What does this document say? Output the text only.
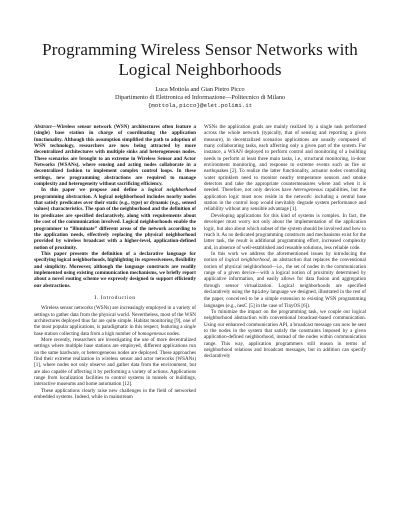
Programming Wireless Sensor Networks with Logical Neighborhoods
Luca Mottola and Gian Pietro Picco
Dipartimento di Elettronica ed Informazione—Politecnico di Milano
{mottola,picco}@elet.polimi.it

Abstract—Wireless sensor network (WSN) architectures often feature a (single) base station in charge of coordinating the application functionality. Although this assumption simplified the path to adoption of WSN technology, researchers are now being attracted by more decentralized architectures with multiple sinks and heterogeneous nodes. These scenarios are brought to an extreme in Wireless Sensor and Actor Networks (WSANs), where sensing and acting nodes collaborate in a decentralized fashion to implement complex control loops. In these settings, new programming abstractions are required to manage complexity and heterogeneity without sacrificing efficiency.

In this paper we propose and define a logical neighborhood programming abstraction. A logical neighborhood includes nearby nodes that satisfy predicates over their static (e.g., type) or dynamic (e.g., sensed values) characteristics. The span of the neighborhood and the definition of its predicates are specified declaratively, along with requirements about the cost of the communication involved. Logical neighborhoods enable the programmer to “illuminate” different areas of the network according to the application needs, effectively replacing the physical neighborhood provided by wireless broadcast with a higher-level, application-defined notion of proximity.

This paper presents the definition of a declarative language for specifying logical neighborhoods, highlighting its expressiveness, flexibility and simplicity. Moreover, although the language constructs are readily implemented using existing communication mechanisms, we briefly report about a novel routing scheme we expressly designed to support efficiently our abstractions.

I. Introduction

Wireless sensor networks (WSNs) are increasingly employed in a variety of settings to gather data from the physical world. Nevertheless, most of the WSN architectures deployed thus far are quite simple. Habitat monitoring [9], one of the most popular applications, is paradigmatic in this respect, featuring a single base station collecting data from a high number of homogeneous nodes.

More recently, researchers are investigating the use of more decentralized settings where multiple base stations are employed, different applications run on the same hardware, or heterogeneous nodes are deployed. These approaches find their extreme realization in wireless sensor and actor networks (WSANs) [1], where nodes not only observe and gather data from the environment, but are also capable of affecting it by performing a variety of actions. Applications range from localization facilities to control systems in tunnels or buildings, interactive museums and home automation [12].

These applications clearly raise new challenges in the field of networked embedded systems. Indeed, while in mainstream

WSNs the application goals are mainly realized by a single task performed across the whole network (typically, that of sensing and reporting a given measure), in decentralized scenarios applications are usually composed of many collaborating tasks, each affecting only a given part of the system. For instance, a WSAN deployed to perform control and monitoring of a building needs to perform at least three main tasks, i.e., structural monitoring, in-door environment monitoring, and response to extreme events such as fire or earthquakes [2]. To realize the latter functionality, actuator nodes controlling water sprinklers need to monitor nearby temperature sensors and smoke detectors and take the appropriate countermeasures where and when it is needed. Therefore, not only devices have heterogeneous capabilities, but the application logic must now reside in the network: including a central base station in the control loop would inevitably degrade system performance and reliability without any sensible advantage [1].

Developing applications for this kind of systems is complex. In fact, the developer must worry not only about the implementation of the application logic, but also about which subset of the system should be involved and how to reach it. As no dedicated programming constructs and mechanisms exist for the latter task, the result is additional programming effort, increased complexity and, in absence of well-established and reusable solutions, less reliable code.

In this work we address the aforementioned issues by introducing the notion of logical neighborhood, an abstraction that replaces the conventional notion of physical neighborhood—i.e., the set of nodes in the communication range of a given device—with a logical notion of proximity determined by applicative information, and easily allows for data fusion and aggregation through sensor virtualization. Logical neighborhoods are specified declaratively using the Spidey language we designed, illustrated in the rest of the paper, conceived to be a simple extension to existing WSN programming languages (e.g., nesC [5] in the case of TinyOS [6]).

To minimize the impact on the programming task, we couple our logical neighborhood abstraction with conventional broadcast-based communication. Using our enhanced communication API, a broadcast message can now be sent to the nodes in the system that satisfy the constraints imposed by a given application-defined neighborhood, instead of the nodes within communication range. This way, application programmers still reason in terms of neighborhood relations and broadcast messages, but in addition can specify declaratively
